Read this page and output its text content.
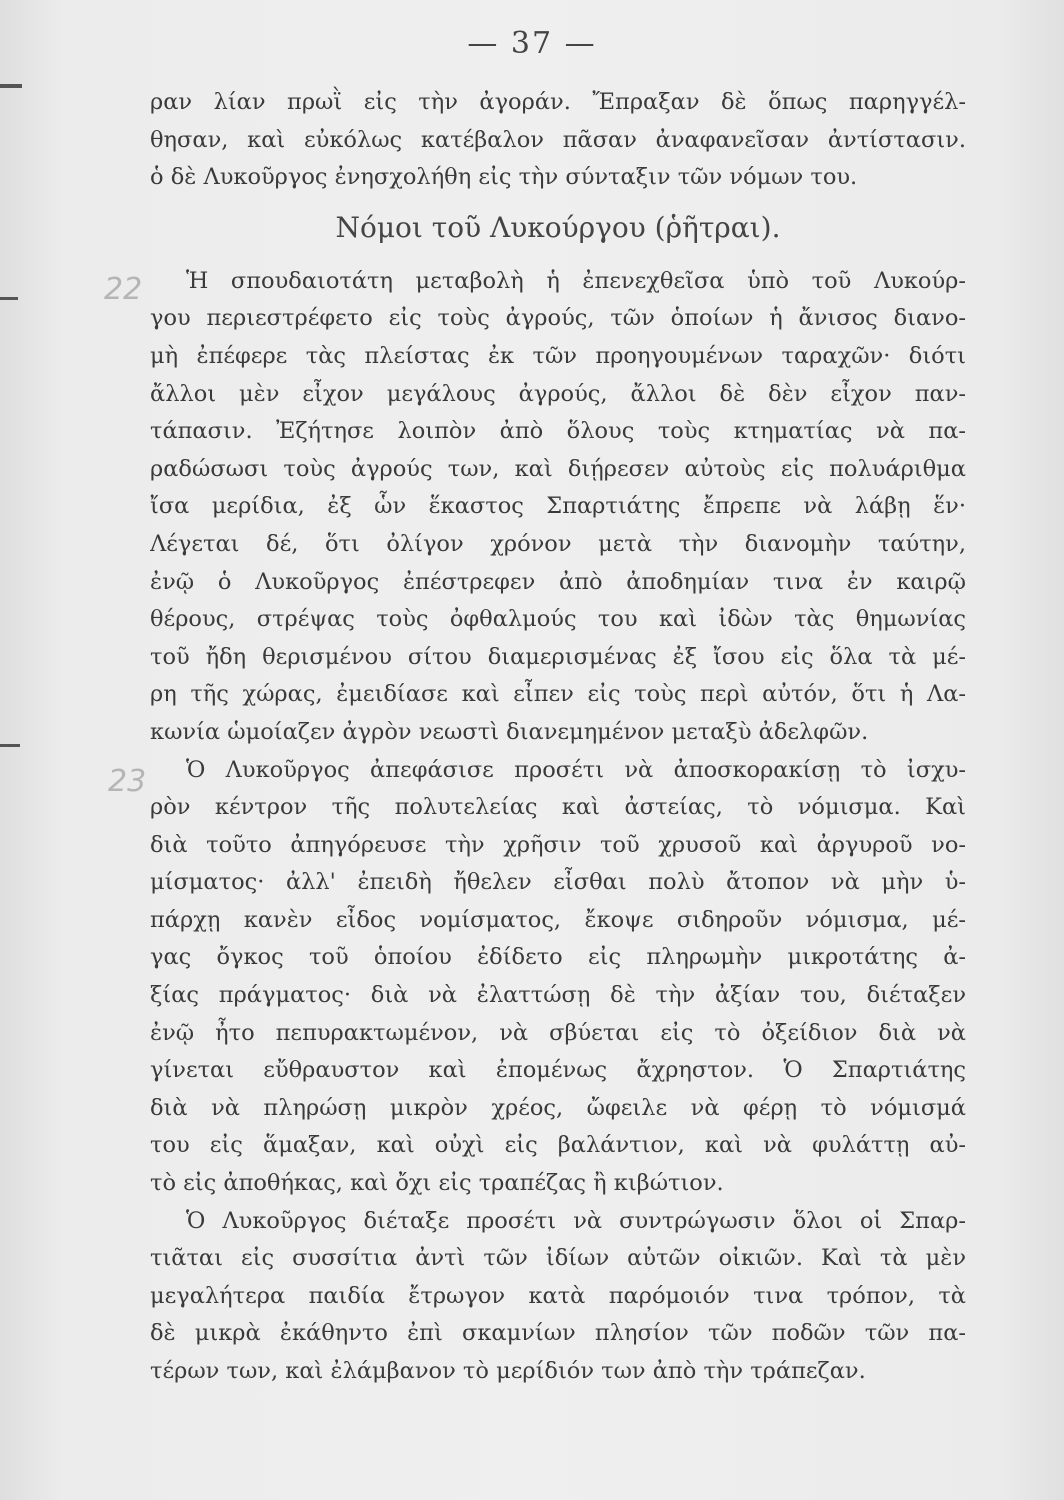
— 37 —
22
23
ραν λίαν πρωῒ εἰς τὴν ἀγοράν. Ἔπραξαν δὲ ὅπως παρηγγέλ-
θησαν, καὶ εὐκόλως κατέβαλον πᾶσαν ἀναφανεῖσαν ἀντίστασιν.
ὁ δὲ Λυκοῦργος ἐνησχολήθη εἰς τὴν σύνταξιν τῶν νόμων του.
Νόμοι τοῦ Λυκούργου (ῥῆτραι).
Ἡ σπουδαιοτάτη μεταβολὴ ἡ ἐπενεχθεῖσα ὑπὸ τοῦ Λυκούρ-
γου περιεστρέφετο εἰς τοὺς ἀγρούς, τῶν ὁποίων ἡ ἄνισος διανο-
μὴ ἐπέφερε τὰς πλείστας ἐκ τῶν προηγουμένων ταραχῶν· διότι
ἄλλοι μὲν εἶχον μεγάλους ἀγρούς, ἄλλοι δὲ δὲν εἶχον παν-
τάπασιν. Ἐζήτησε λοιπὸν ἀπὸ ὅλους τοὺς κτηματίας νὰ πα-
ραδώσωσι τοὺς ἀγρούς των, καὶ διῄρεσεν αὐτοὺς εἰς πολυάριθμα
ἴσα μερίδια, ἐξ ὧν ἕκαστος Σπαρτιάτης ἔπρεπε νὰ λάβῃ ἕν·
Λέγεται δέ, ὅτι ὀλίγον χρόνον μετὰ τὴν διανομὴν ταύτην,
ἐνῷ ὁ Λυκοῦργος ἐπέστρεφεν ἀπὸ ἀποδημίαν τινα ἐν καιρῷ
θέρους, στρέψας τοὺς ὀφθαλμούς του καὶ ἰδὼν τὰς θημωνίας
τοῦ ἤδη θερισμένου σίτου διαμερισμένας ἐξ ἴσου εἰς ὅλα τὰ μέ-
ρη τῆς χώρας, ἐμειδίασε καὶ εἶπεν εἰς τοὺς περὶ αὐτόν, ὅτι ἡ Λα-
κωνία ὡμοίαζεν ἀγρὸν νεωστὶ διανεμημένον μεταξὺ ἀδελφῶν.
Ὁ Λυκοῦργος ἀπεφάσισε προσέτι νὰ ἀποσκορακίσῃ τὸ ἰσχυ-
ρὸν κέντρον τῆς πολυτελείας καὶ ἀστείας, τὸ νόμισμα. Καὶ
διὰ τοῦτο ἀπηγόρευσε τὴν χρῆσιν τοῦ χρυσοῦ καὶ ἀργυροῦ νο-
μίσματος· ἀλλ' ἐπειδὴ ἤθελεν εἶσθαι πολὺ ἄτοπον νὰ μὴν ὑ-
πάρχῃ κανὲν εἶδος νομίσματος, ἔκοψε σιδηροῦν νόμισμα, μέ-
γας ὄγκος τοῦ ὁποίου ἐδίδετο εἰς πληρωμὴν μικροτάτης ἀ-
ξίας πράγματος· διὰ νὰ ἐλαττώσῃ δὲ τὴν ἀξίαν του, διέταξεν
ἐνῷ ἦτο πεπυρακτωμένον, νὰ σβύεται εἰς τὸ ὀξείδιον διὰ νὰ
γίνεται εὔθραυστον καὶ ἐπομένως ἄχρηστον. Ὁ Σπαρτιάτης
διὰ νὰ πληρώσῃ μικρὸν χρέος, ὤφειλε νὰ φέρῃ τὸ νόμισμά
του εἰς ἅμαξαν, καὶ οὐχὶ εἰς βαλάντιον, καὶ νὰ φυλάττῃ αὐ-
τὸ εἰς ἀποθήκας, καὶ ὄχι εἰς τραπέζας ἢ κιβώτιον.
Ὁ Λυκοῦργος διέταξε προσέτι νὰ συντρώγωσιν ὅλοι οἱ Σπαρ-
τιᾶται εἰς συσσίτια ἀντὶ τῶν ἰδίων αὐτῶν οἰκιῶν. Καὶ τὰ μὲν
μεγαλήτερα παιδία ἔτρωγον κατὰ παρόμοιόν τινα τρόπον, τὰ
δὲ μικρὰ ἐκάθηντο ἐπὶ σκαμνίων πλησίον τῶν ποδῶν τῶν πα-
τέρων των, καὶ ἐλάμβανον τὸ μερίδιόν των ἀπὸ τὴν τράπεζαν.
